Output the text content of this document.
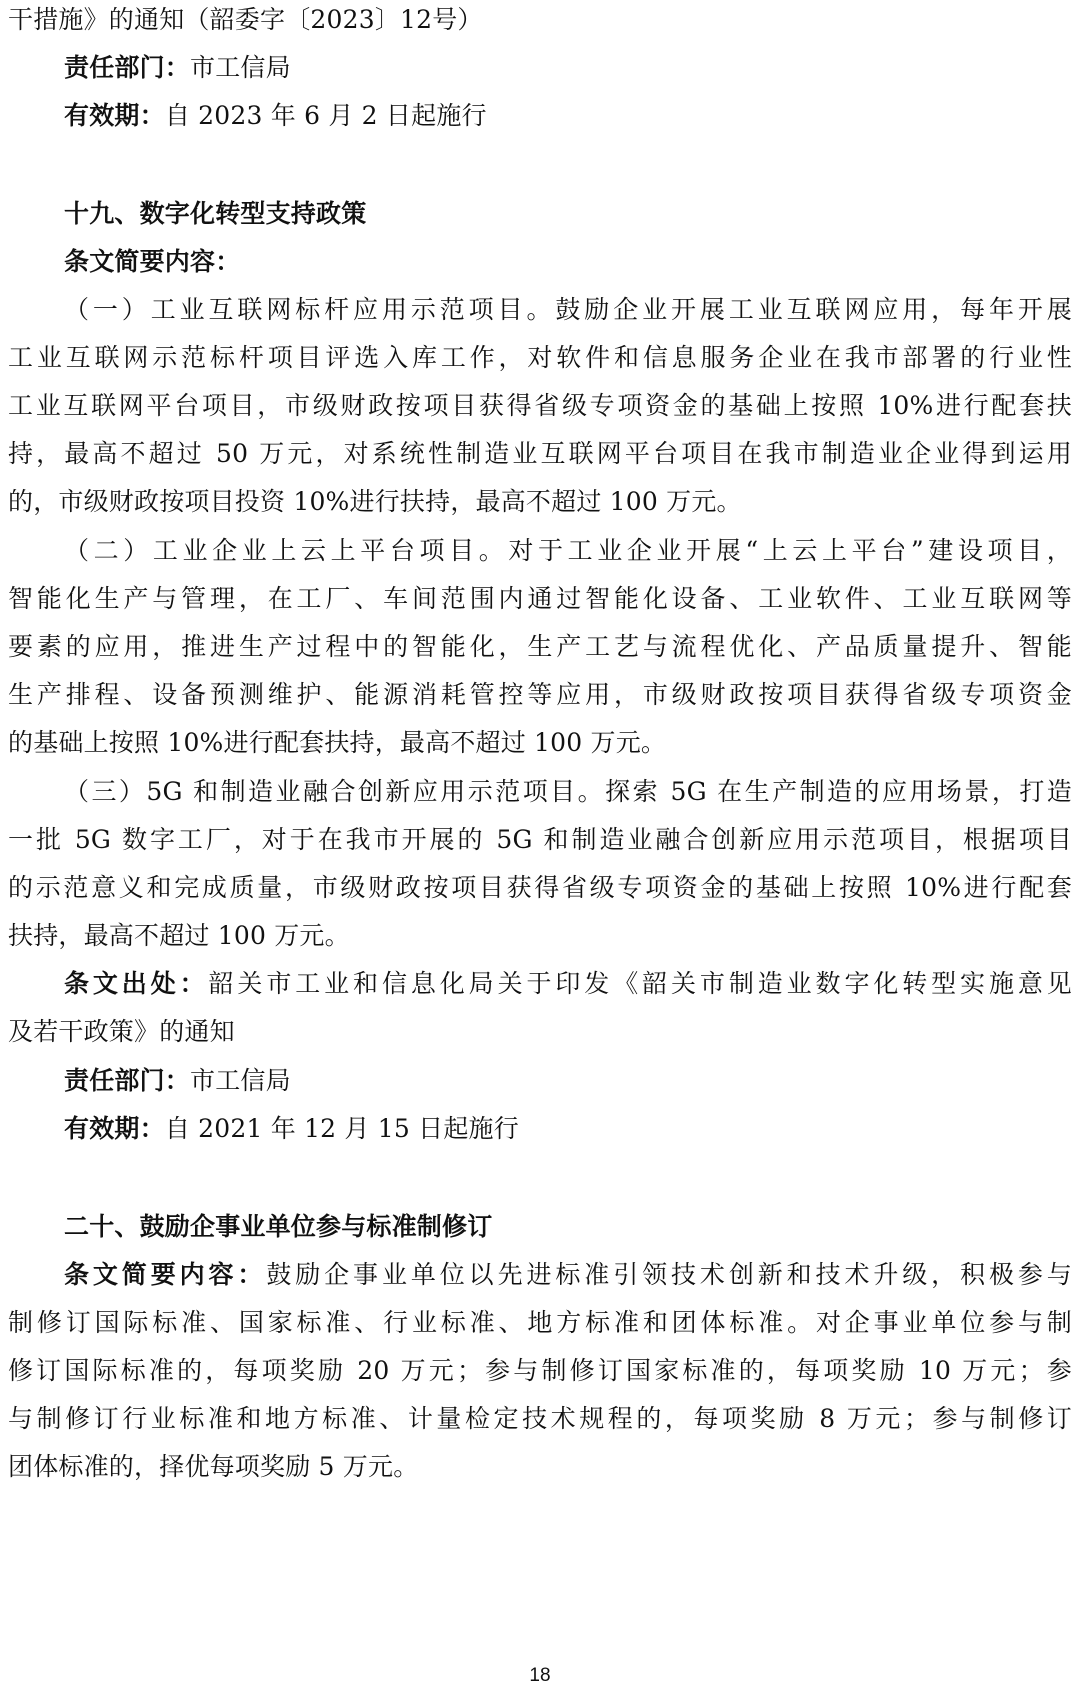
干措施》的通知（韶委字〔2023〕12号）
责任部门：市工信局
有效期：自 2023 年 6 月 2 日起施行
十九、数字化转型支持政策
条文简要内容：
（一）工业互联网标杆应用示范项目。鼓励企业开展工业互联网应用，每年开展
工业互联网示范标杆项目评选入库工作，对软件和信息服务企业在我市部署的行业性
工业互联网平台项目，市级财政按项目获得省级专项资金的基础上按照 10%进行配套扶
持，最高不超过 50 万元，对系统性制造业互联网平台项目在我市制造业企业得到运用
的，市级财政按项目投资 10%进行扶持，最高不超过 100 万元。
（二）工业企业上云上平台项目。对于工业企业开展“上云上平台”建设项目，
智能化生产与管理，在工厂、车间范围内通过智能化设备、工业软件、工业互联网等
要素的应用，推进生产过程中的智能化，生产工艺与流程优化、产品质量提升、智能
生产排程、设备预测维护、能源消耗管控等应用，市级财政按项目获得省级专项资金
的基础上按照 10%进行配套扶持，最高不超过 100 万元。
（三）5G 和制造业融合创新应用示范项目。探索 5G 在生产制造的应用场景，打造
一批 5G 数字工厂，对于在我市开展的 5G 和制造业融合创新应用示范项目，根据项目
的示范意义和完成质量，市级财政按项目获得省级专项资金的基础上按照 10%进行配套
扶持，最高不超过 100 万元。
条文出处：韶关市工业和信息化局关于印发《韶关市制造业数字化转型实施意见
及若干政策》的通知
责任部门：市工信局
有效期：自 2021 年 12 月 15 日起施行
二十、鼓励企事业单位参与标准制修订
条文简要内容：鼓励企事业单位以先进标准引领技术创新和技术升级，积极参与
制修订国际标准、国家标准、行业标准、地方标准和团体标准。对企事业单位参与制
修订国际标准的，每项奖励 20 万元；参与制修订国家标准的，每项奖励 10 万元；参
与制修订行业标准和地方标准、计量检定技术规程的，每项奖励 8 万元；参与制修订
团体标准的，择优每项奖励 5 万元。
18
